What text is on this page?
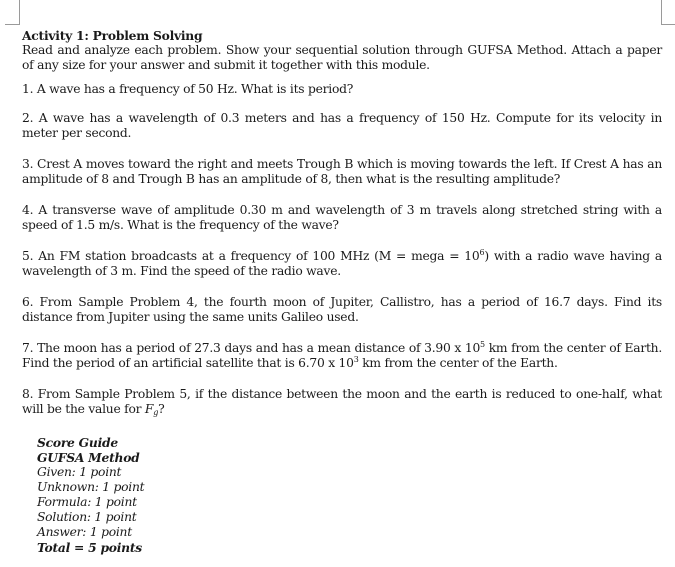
Activity 1: Problem Solving

Read and analyze each problem. Show your sequential solution through GUFSA Method. Attach a paper of any size for your answer and submit it together with this module.

1. A wave has a frequency of 50 Hz. What is its period?

2. A wave has a wavelength of 0.3 meters and has a frequency of 150 Hz. Compute for its velocity in meter per second.

3. Crest A moves toward the right and meets Trough B which is moving towards the left. If Crest A has an amplitude of 8 and Trough B has an amplitude of 8, then what is the resulting amplitude?

4. A transverse wave of amplitude 0.30 m and wavelength of 3 m travels along stretched string with a speed of 1.5 m/s. What is the frequency of the wave?

5. An FM station broadcasts at a frequency of 100 MHz (M = mega = $10^6$) with a radio wave having a wavelength of 3 m. Find the speed of the radio wave.

6. From Sample Problem 4, the fourth moon of Jupiter, Callistro, has a period of 16.7 days. Find its distance from Jupiter using the same units Galileo used.

7. The moon has a period of 27.3 days and has a mean distance of 3.90 x $10^5$ km from the center of Earth. Find the period of an artificial satellite that is 6.70 x $10^3$ km from the center of the Earth.

8. From Sample Problem 5, if the distance between the moon and the earth is reduced to one-half, what will be the value for $F_g$?

Score Guide
GUFSA Method
Given: 1 point
Unknown: 1 point
Formula: 1 point
Solution: 1 point
Answer: 1 point
Total = 5 points
